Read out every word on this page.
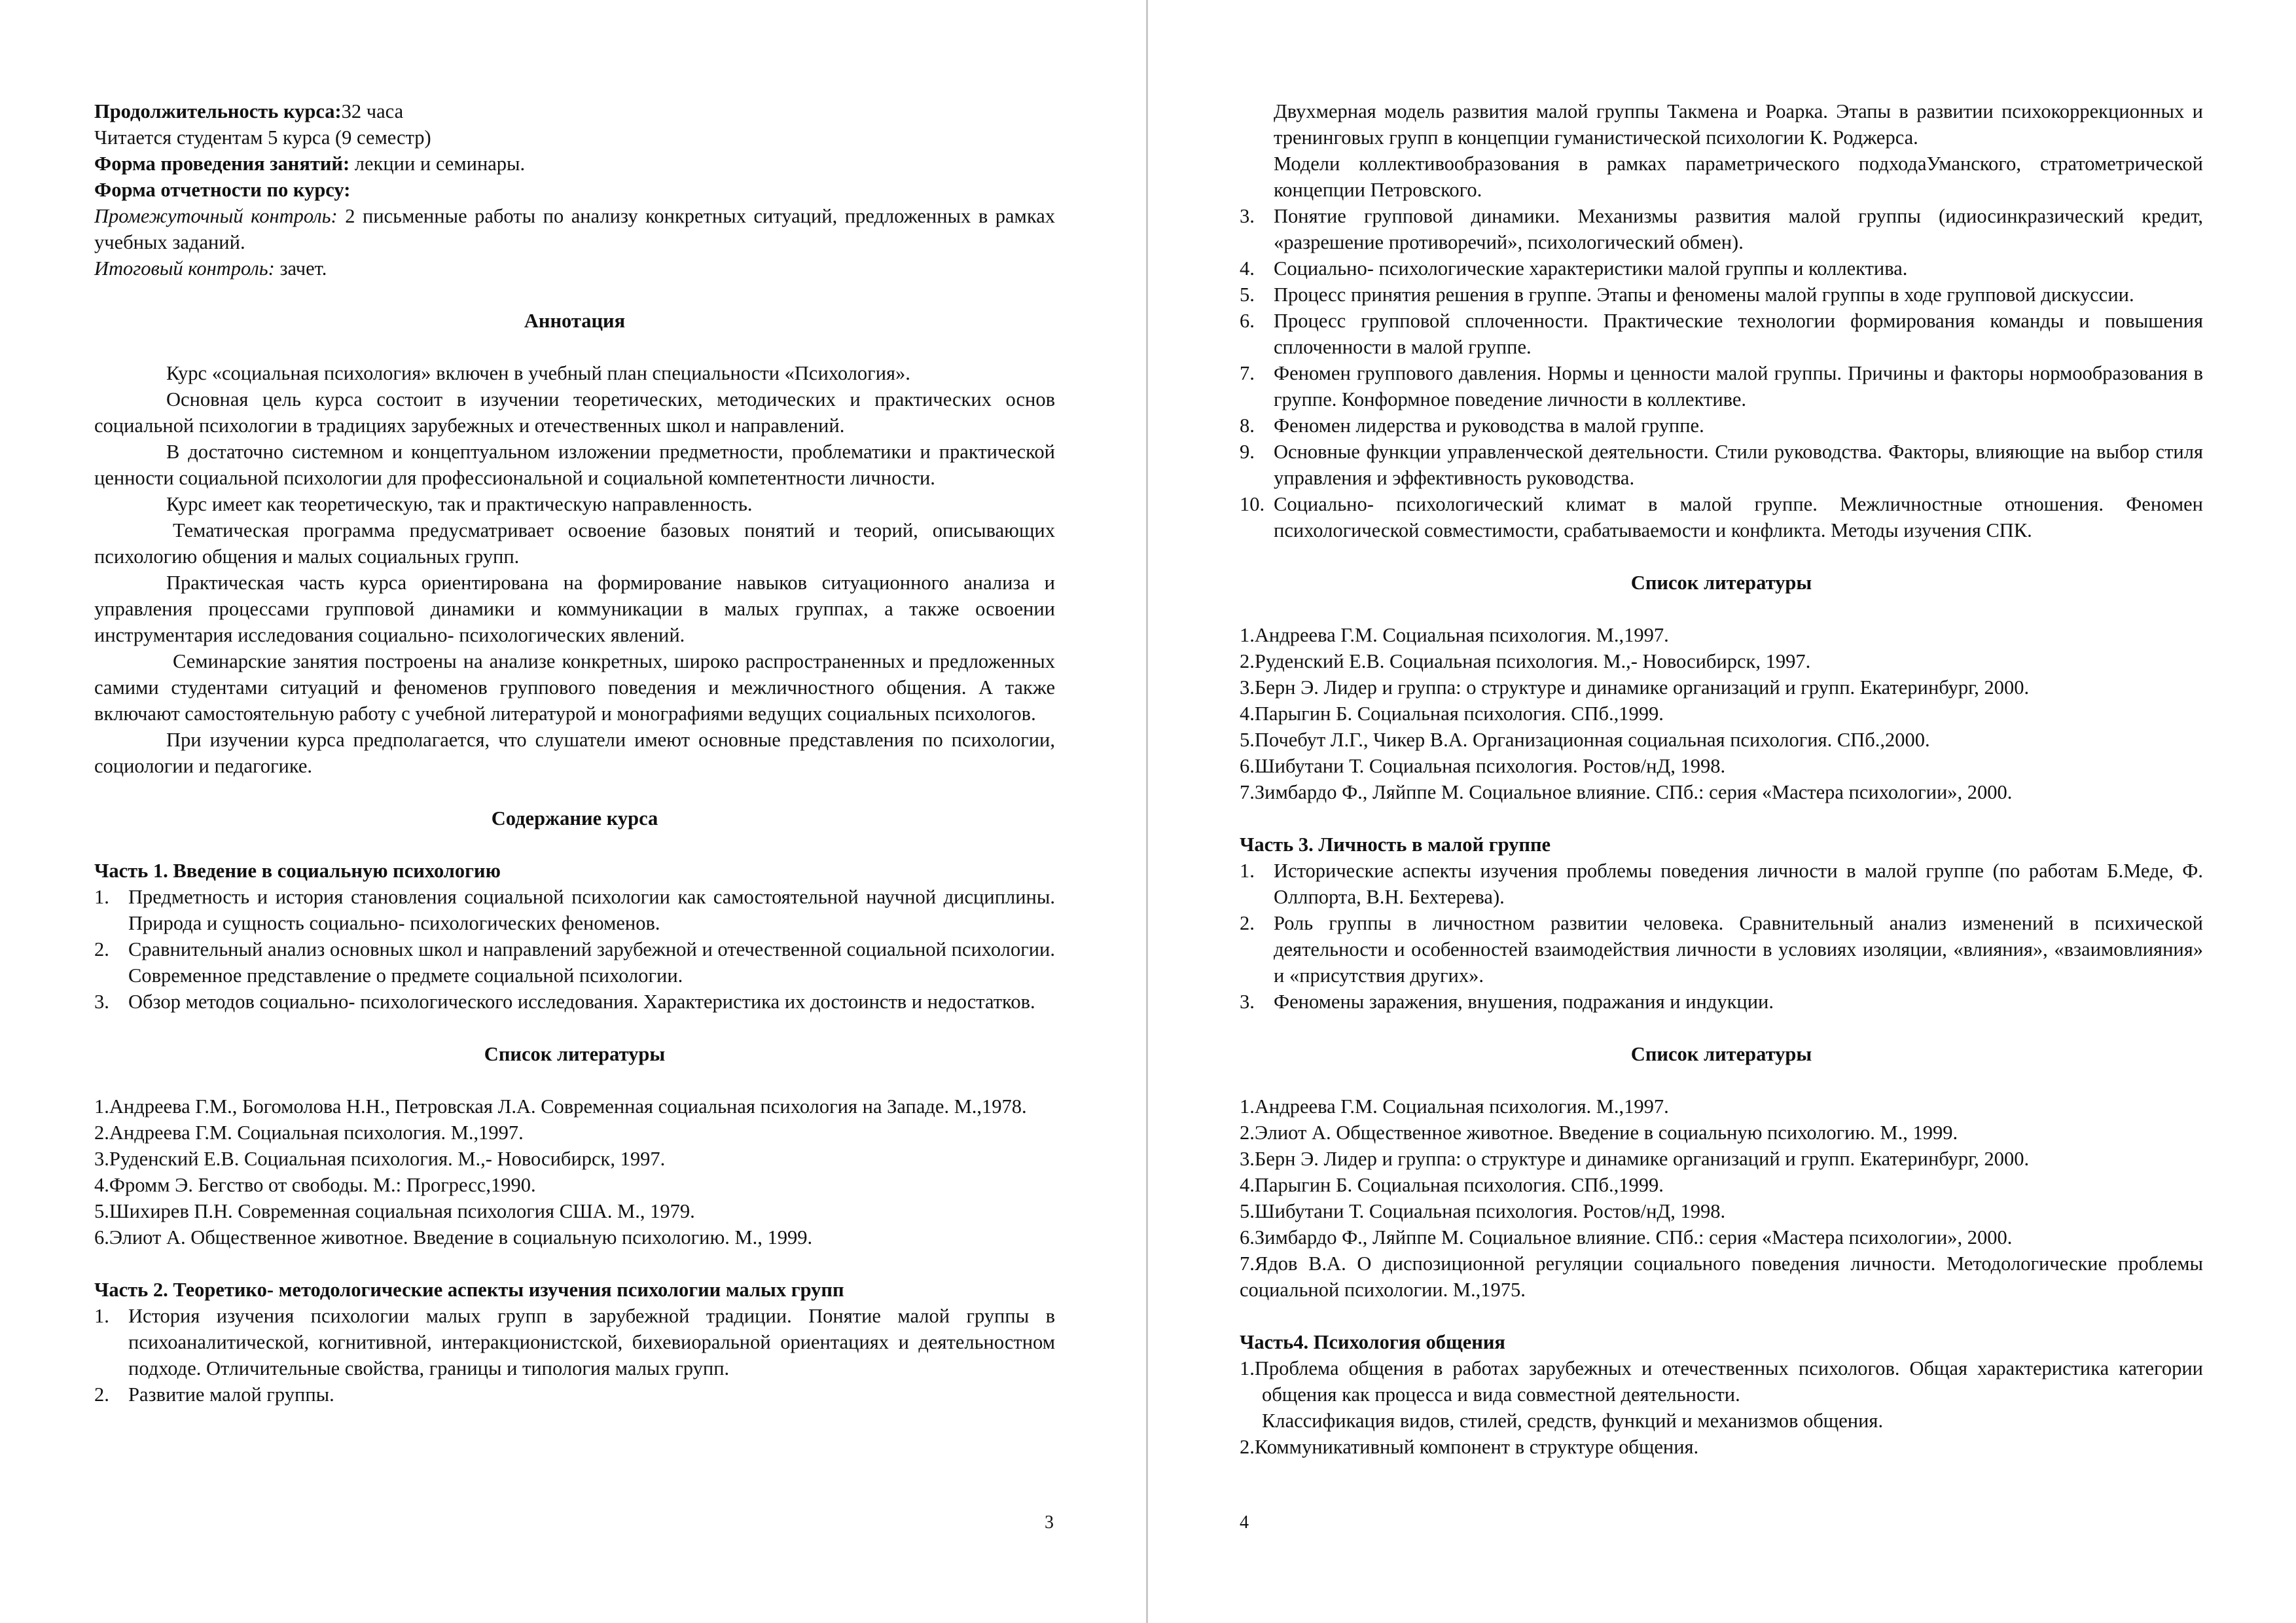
Продолжительность курса:32 часа

Читается студентам 5 курса (9 семестр)

Форма проведения занятий: лекции и семинары.

Форма отчетности по курсу:

Промежуточный контроль: 2 письменные работы по анализу конкретных ситуаций, предложенных в рамках учебных заданий.

Итоговый контроль: зачет.

Аннотация

Курс «социальная психология» включен в учебный план специальности «Психология».

Основная цель курса состоит в изучении теоретических, методических и практических основ социальной психологии в традициях зарубежных и отечественных школ и направлений.

В достаточно системном и концептуальном изложении предметности, проблематики и практической ценности социальной психологии для профессиональной и социальной компетентности личности.

Курс имеет как теоретическую, так и практическую направленность.

Тематическая программа предусматривает освоение базовых понятий и теорий, описывающих психологию общения и малых социальных групп.

Практическая часть курса ориентирована на формирование навыков ситуационного анализа и управления процессами групповой динамики и коммуникации в малых группах, а также освоении инструментария исследования социально- психологических явлений.

Семинарские занятия построены на анализе конкретных, широко распространенных и предложенных самими студентами ситуаций и феноменов группового поведения и межличностного общения. А также включают самостоятельную работу с учебной литературой и монографиями ведущих социальных психологов.

При изучении курса предполагается, что слушатели имеют основные представления по психологии, социологии и педагогике.

Содержание курса

Часть 1. Введение в социальную психологию

1. Предметность и история становления социальной психологии как самостоятельной научной дисциплины. Природа и сущность социально- психологических феноменов.
2. Сравнительный анализ основных школ и направлений зарубежной и отечественной социальной психологии. Современное представление о предмете социальной психологии.
3. Обзор методов социально- психологического исследования. Характеристика их достоинств и недостатков.

Список литературы

1.Андреева Г.М., Богомолова Н.Н., Петровская Л.А. Современная социальная психология на Западе. М.,1978.

2.Андреева Г.М. Социальная психология. М.,1997.

3.Руденский Е.В. Социальная психология. М.,- Новосибирск, 1997.

4.Фромм Э. Бегство от свободы. М.: Прогресс,1990.

5.Шихирев П.Н. Современная социальная психология США. М., 1979.

6.Элиот А. Общественное животное. Введение в социальную психологию. М., 1999.

Часть 2. Теоретико- методологические аспекты изучения психологии малых групп

1. История изучения психологии малых групп в зарубежной традиции. Понятие малой группы в психоаналитической, когнитивной, интеракционистской, бихевиоральной ориентациях и деятельностном подходе. Отличительные свойства, границы и типология малых групп.
2. Развитие малой группы.
3

Двухмерная модель развития малой группы Такмена и Роарка. Этапы в развитии психокоррекционных и тренинговых групп в концепции гуманистической психологии К. Роджерса.

Модели коллективообразования в рамках параметрического подходаУманского, стратометрической концепции Петровского.

3. Понятие групповой динамики. Механизмы развития малой группы (идиосинкразический кредит, «разрешение противоречий», психологический обмен).
4. Социально- психологические характеристики малой группы и коллектива.
5. Процесс принятия решения в группе. Этапы и феномены малой группы в ходе групповой дискуссии.
6. Процесс групповой сплоченности. Практические технологии формирования команды и повышения сплоченности в малой группе.
7. Феномен группового давления. Нормы и ценности малой группы. Причины и факторы нормообразования в группе. Конформное поведение личности в коллективе.
8. Феномен лидерства и руководства в малой группе.
9. Основные функции управленческой деятельности. Стили руководства. Факторы, влияющие на выбор стиля управления и эффективность руководства.
10. Социально- психологический климат в малой группе. Межличностные отношения. Феномен психологической совместимости, срабатываемости и конфликта. Методы изучения СПК.

Список литературы

1.Андреева Г.М. Социальная психология. М.,1997.

2.Руденский Е.В. Социальная психология. М.,- Новосибирск, 1997.

3.Берн Э. Лидер и группа: о структуре и динамике организаций и групп. Екатеринбург, 2000.

4.Парыгин Б. Социальная психология. СПб.,1999.

5.Почебут Л.Г., Чикер В.А. Организационная социальная психология. СПб.,2000.

6.Шибутани Т. Социальная психология. Ростов/нД, 1998.

7.Зимбардо Ф., Ляйппе М. Социальное влияние. СПб.: серия «Мастера психологии», 2000.

Часть 3. Личность в малой группе

1. Исторические аспекты изучения проблемы поведения личности в малой группе (по работам Б.Меде, Ф. Оллпорта, В.Н. Бехтерева).
2. Роль группы в личностном развитии человека. Сравнительный анализ изменений в психической деятельности и особенностей взаимодействия личности в условиях изоляции, «влияния», «взаимовлияния» и «присутствия других».
3. Феномены заражения, внушения, подражания и индукции.

Список литературы

1.Андреева Г.М. Социальная психология. М.,1997.

2.Элиот А. Общественное животное. Введение в социальную психологию. М., 1999.

3.Берн Э. Лидер и группа: о структуре и динамике организаций и групп. Екатеринбург, 2000.

4.Парыгин Б. Социальная психология. СПб.,1999.

5.Шибутани Т. Социальная психология. Ростов/нД, 1998.

6.Зимбардо Ф., Ляйппе М. Социальное влияние. СПб.: серия «Мастера психологии», 2000.

7.Ядов В.А. О диспозиционной регуляции социального поведения личности. Методологические проблемы социальной психологии. М.,1975.

Часть4. Психология общения

1.Проблема общения в работах зарубежных и отечественных психологов. Общая характеристика категории общения как процесса и вида совместной деятельности.

Классификация видов, стилей, средств, функций и механизмов общения.

2.Коммуникативный компонент в структуре общения.

4
